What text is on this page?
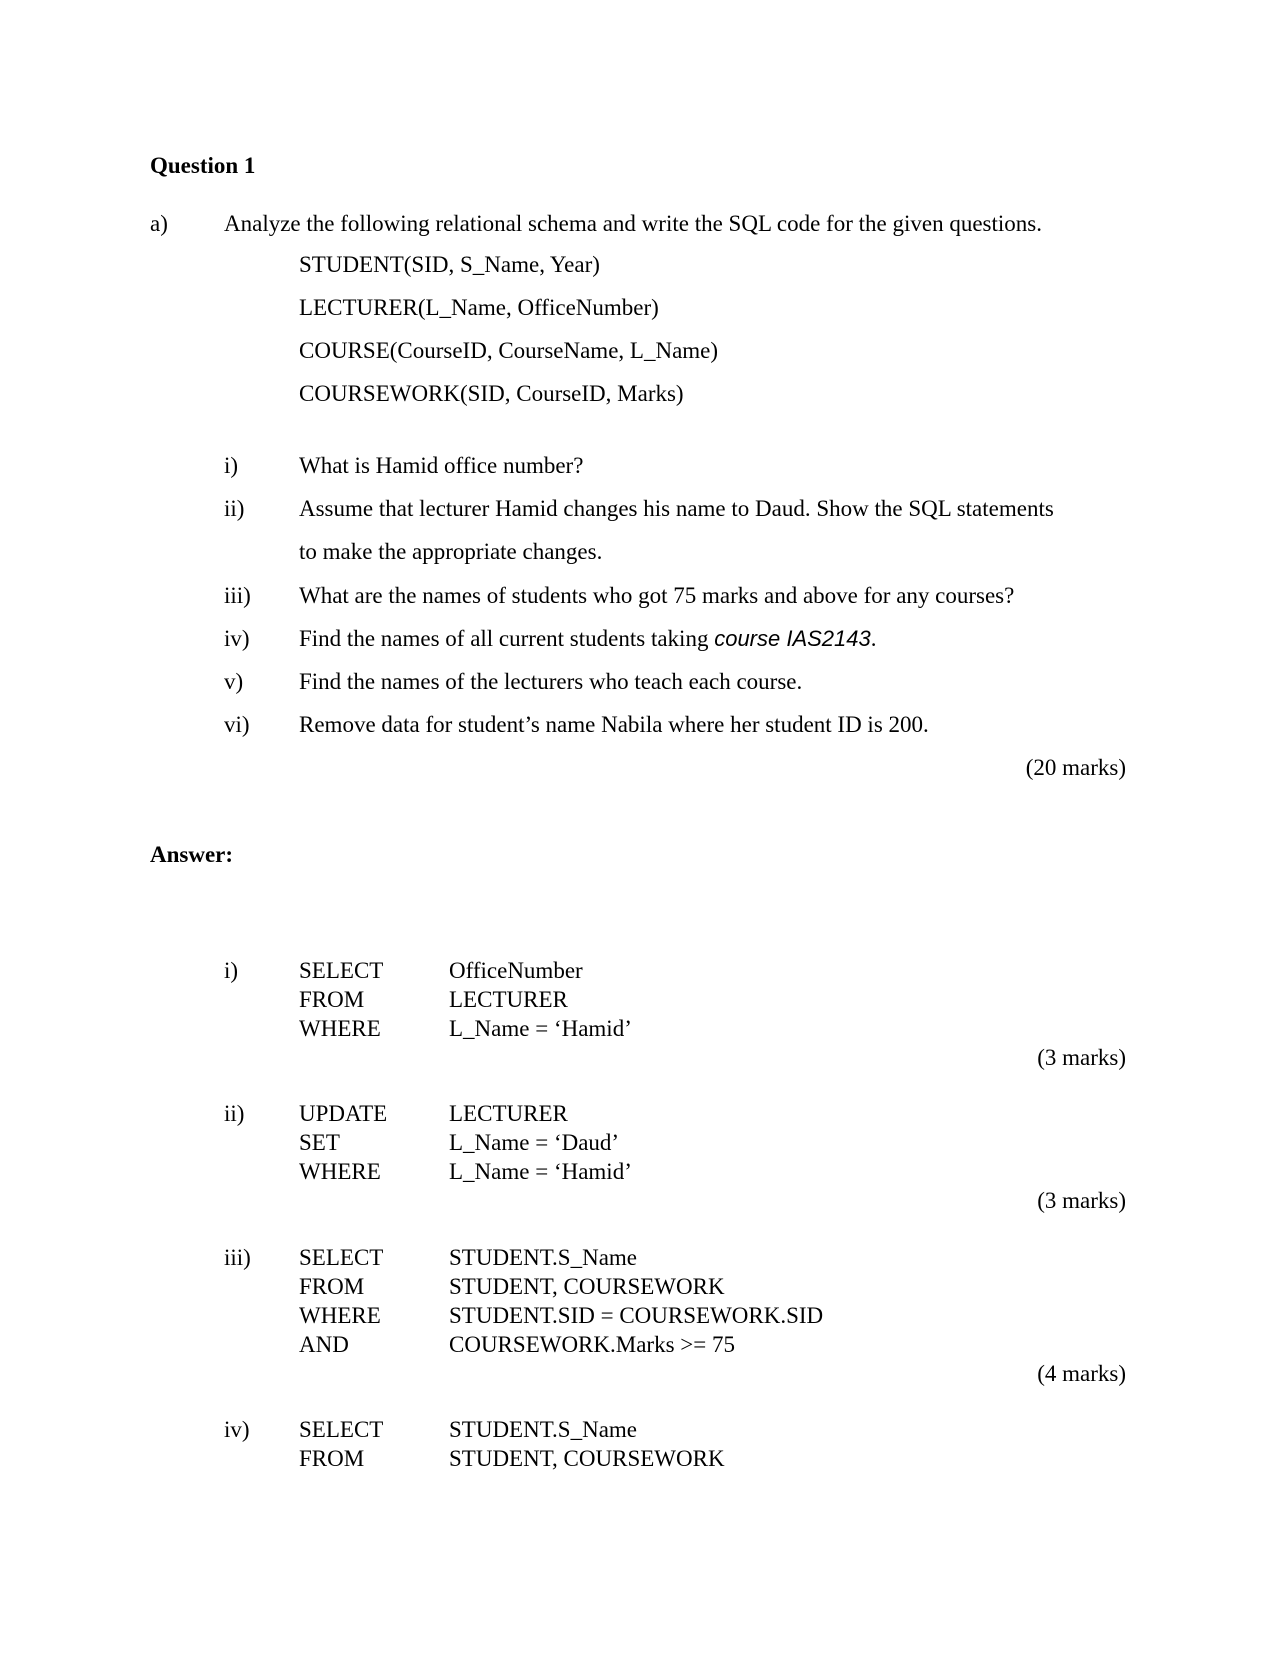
Question 1
a) Analyze the following relational schema and write the SQL code for the given questions.
STUDENT(SID, S_Name, Year)
LECTURER(L_Name, OfficeNumber)
COURSE(CourseID, CourseName, L_Name)
COURSEWORK(SID, CourseID, Marks)
i)	What is Hamid office number?
ii) Assume that lecturer Hamid changes his name to Daud. Show the SQL statements
to make the appropriate changes.
iii) What are the names of students who got 75 marks and above for any courses?
iv) Find the names of all current students taking course IAS2143.
v) Find the names of the lecturers who teach each course.
vi) Remove data for student’s name Nabila where her student ID is 200.
(20 marks)
Answer:
i)	SELECT	OfficeNumber
FROM	LECTURER
WHERE	L_Name = ‘Hamid’
(3 marks)
ii) UPDATE	LECTURER
SET	L_Name = ‘Daud’
WHERE	L_Name = ‘Hamid’
(3 marks)
iii) SELECT	STUDENT.S_Name
FROM	STUDENT, COURSEWORK
WHERE	STUDENT.SID = COURSEWORK.SID
AND	COURSEWORK.Marks >= 75
(4 marks)
iv) SELECT	STUDENT.S_Name
FROM	STUDENT, COURSEWORK
